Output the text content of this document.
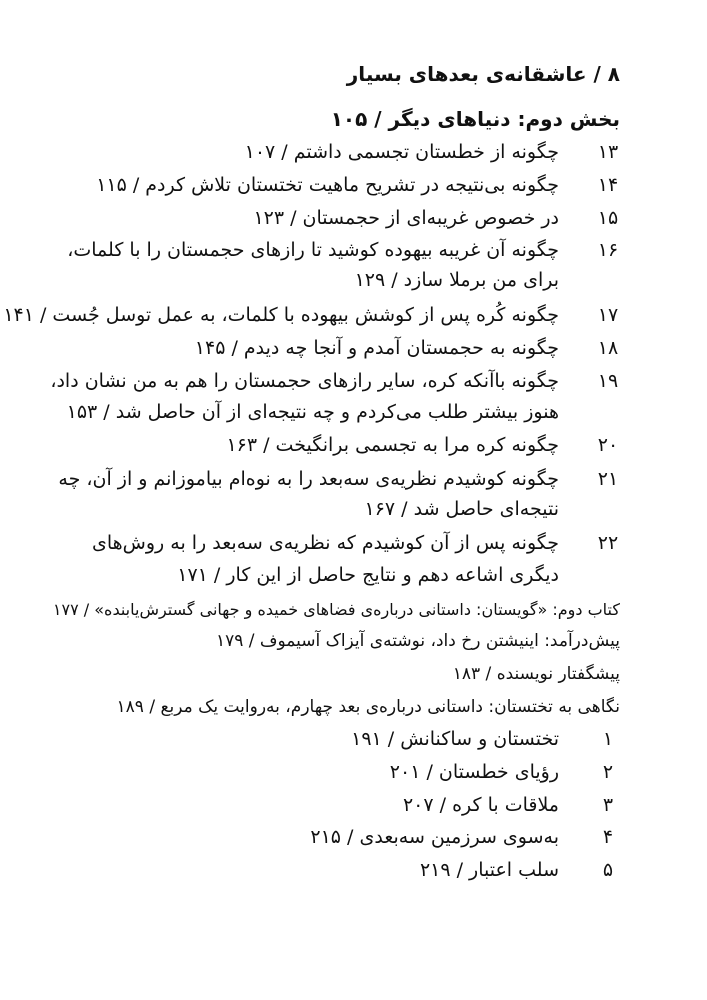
۸ / عاشقانه‌ی بعدهای بسیار
بخش دوم: دنیاهای دیگر / ۱۰۵
۱۳
چگونه از خطستان تجسمی داشتم / ۱۰۷
۱۴
چگونه بی‌نتیجه در تشریح ماهیت تختستان تلاش کردم / ۱۱۵
۱۵
در خصوص غریبه‌ای از حجمستان / ۱۲۳
۱۶
چگونه آن غریبه بیهوده کوشید تا رازهای حجمستان را با کلمات،
برای من برملا سازد / ۱۲۹
۱۷
چگونه کُره پس از کوشش بیهوده با کلمات، به عمل توسل جُست / ۱۴۱
۱۸
چگونه به حجمستان آمدم و آنجا چه دیدم / ۱۴۵
۱۹
چگونه باآنکه کره، سایر رازهای حجمستان را هم به من نشان داد،
هنوز بیشتر طلب می‌کردم و چه نتیجه‌ای از آن حاصل شد / ۱۵۳
۲۰
چگونه کره مرا به تجسمی برانگیخت / ۱۶۳
۲۱
چگونه کوشیدم نظریه‌ی سه‌بعد را به نوه‌ام بیاموزانم و از آن، چه
نتیجه‌ای حاصل شد / ۱۶۷
۲۲
چگونه پس از آن کوشیدم که نظریه‌ی سه‌بعد را به روش‌های
دیگری اشاعه دهم و نتایج حاصل از این کار / ۱۷۱
کتاب دوم: «گویستان: داستانی درباره‌ی فضاهای خمیده و جهانی گسترش‌یابنده» / ۱۷۷
پیش‌درآمد: اینیشتن رخ داد، نوشته‌ی آیزاک آسیموف / ۱۷۹
پیشگفتار نویسنده / ۱۸۳
نگاهی به تختستان: داستانی درباره‌ی بعد چهارم، به‌روایت یک مربع / ۱۸۹
۱
تختستان و ساکنانش / ۱۹۱
۲
رؤیای خطستان / ۲۰۱
۳
ملاقات با کره / ۲۰۷
۴
به‌سوی سرزمین سه‌بعدی / ۲۱۵
۵
سلب اعتبار / ۲۱۹
